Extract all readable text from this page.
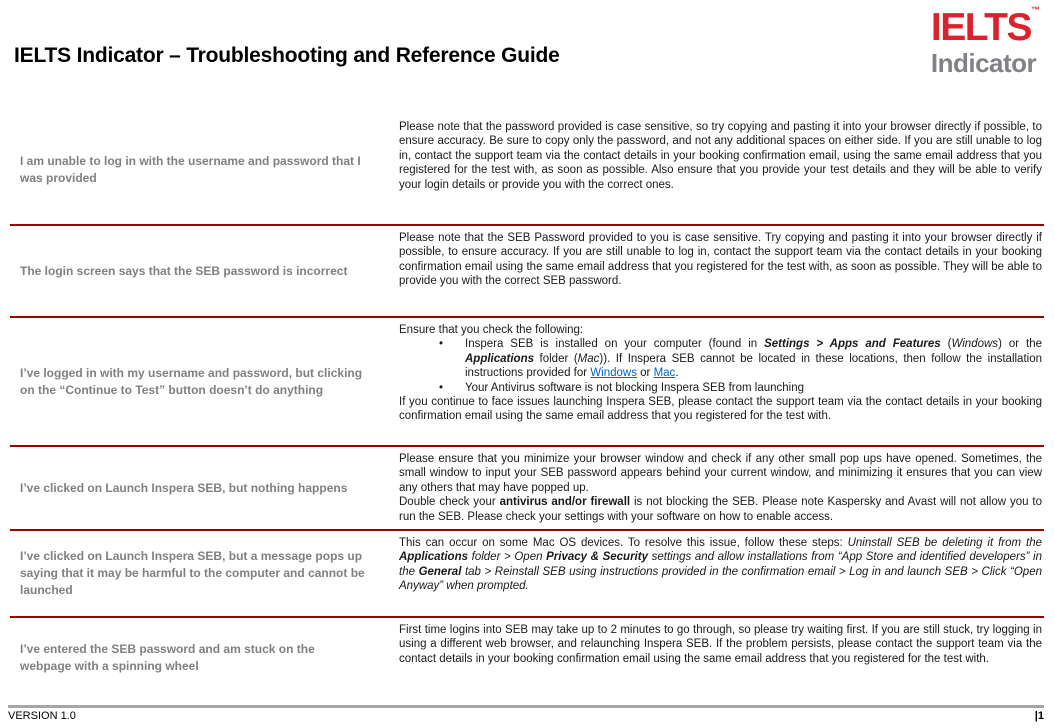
IELTS Indicator – Troubleshooting and Reference Guide
IELTS™
Indicator
I am unable to log in with the username and password that I was provided
Please note that the password provided is case sensitive, so try copying and pasting it into your browser directly if possible, to ensure accuracy. Be sure to copy only the password, and not any additional spaces on either side. If you are still unable to log in, contact the support team via the contact details in your booking confirmation email, using the same email address that you registered for the test with, as soon as possible. Also ensure that you provide your test details and they will be able to verify your login details or provide you with the correct ones.
The login screen says that the SEB password is incorrect
Please note that the SEB Password provided to you is case sensitive. Try copying and pasting it into your browser directly if possible, to ensure accuracy. If you are still unable to log in, contact the support team via the contact details in your booking confirmation email using the same email address that you registered for the test with, as soon as possible. They will be able to provide you with the correct SEB password.
I’ve logged in with my username and password, but clicking on the “Continue to Test” button doesn’t do anything
Ensure that you check the following:
• Inspera SEB is installed on your computer (found in Settings > Apps and Features (Windows) or the Applications folder (Mac)). If Inspera SEB cannot be located in these locations, then follow the installation instructions provided for Windows or Mac.
• Your Antivirus software is not blocking Inspera SEB from launching
If you continue to face issues launching Inspera SEB, please contact the support team via the contact details in your booking confirmation email using the same email address that you registered for the test with.
I’ve clicked on Launch Inspera SEB, but nothing happens
Please ensure that you minimize your browser window and check if any other small pop ups have opened. Sometimes, the small window to input your SEB password appears behind your current window, and minimizing it ensures that you can view any others that may have popped up.
Double check your antivirus and/or firewall is not blocking the SEB. Please note Kaspersky and Avast will not allow you to run the SEB. Please check your settings with your software on how to enable access.
I’ve clicked on Launch Inspera SEB, but a message pops up saying that it may be harmful to the computer and cannot be launched
This can occur on some Mac OS devices. To resolve this issue, follow these steps: Uninstall SEB be deleting it from the Applications folder > Open Privacy & Security settings and allow installations from “App Store and identified developers” in the General tab > Reinstall SEB using instructions provided in the confirmation email > Log in and launch SEB > Click “Open Anyway” when prompted.
I’ve entered the SEB password and am stuck on the webpage with a spinning wheel
First time logins into SEB may take up to 2 minutes to go through, so please try waiting first. If you are still stuck, try logging in using a different web browser, and relaunching Inspera SEB. If the problem persists, please contact the support team via the contact details in your booking confirmation email using the same email address that you registered for the test with.
VERSION 1.0	|1
